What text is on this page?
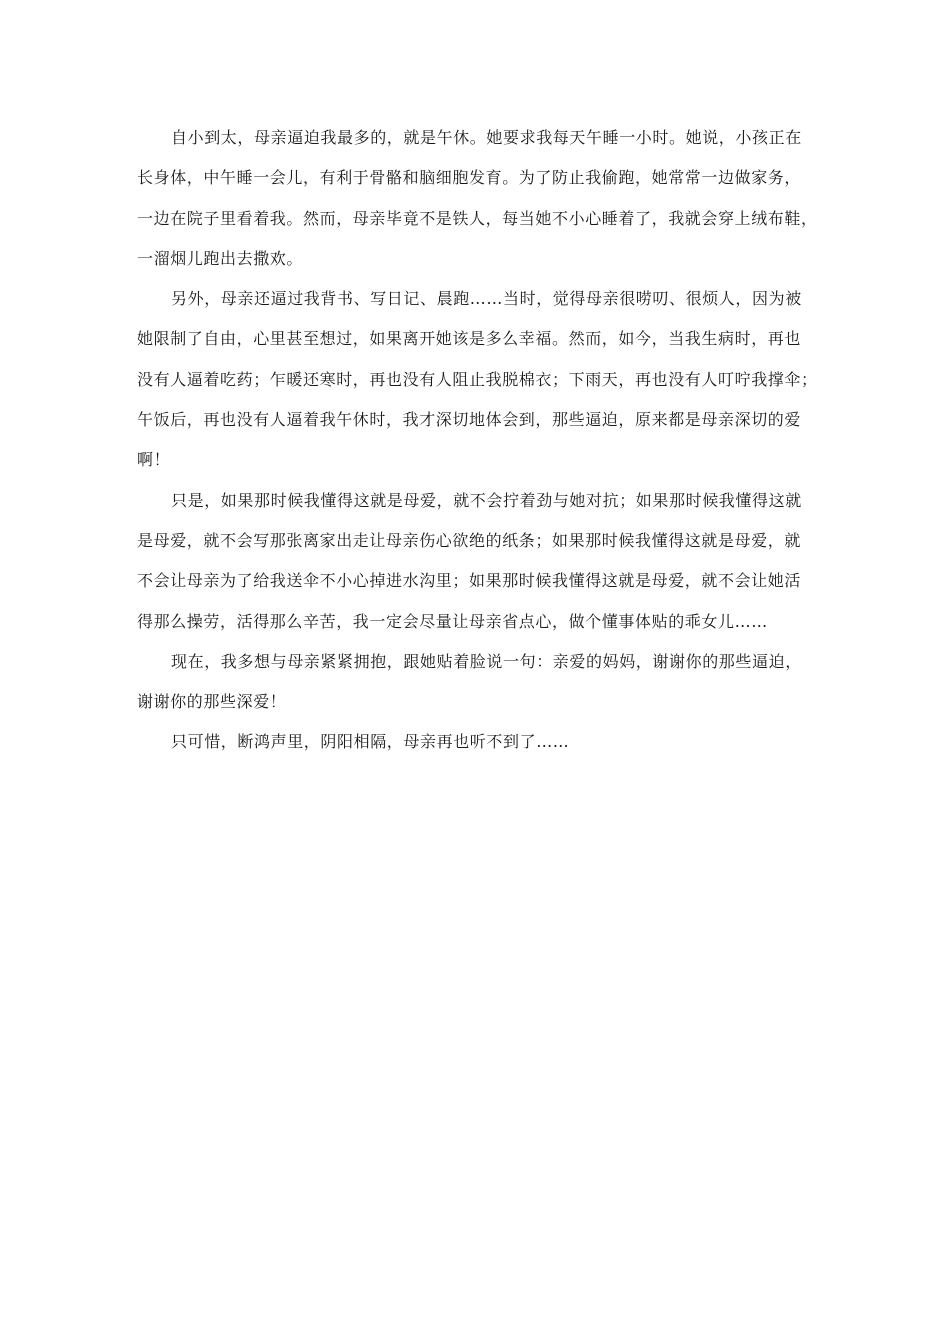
自小到太，母亲逼迫我最多的，就是午休。她要求我每天午睡一小时。她说，小孩正在
长身体，中午睡一会儿，有利于骨骼和脑细胞发育。为了防止我偷跑，她常常一边做家务，
一边在院子里看着我。然而，母亲毕竟不是铁人，每当她不小心睡着了，我就会穿上绒布鞋，
一溜烟儿跑出去撒欢。

另外，母亲还逼过我背书、写日记、晨跑……当时，觉得母亲很唠叨、很烦人，因为被
她限制了自由，心里甚至想过，如果离开她该是多么幸福。然而，如今，当我生病时，再也
没有人逼着吃药；乍暖还寒时，再也没有人阻止我脱棉衣；下雨天，再也没有人叮咛我撑伞；
午饭后，再也没有人逼着我午休时，我才深切地体会到，那些逼迫，原来都是母亲深切的爱
啊！

只是，如果那时候我懂得这就是母爱，就不会拧着劲与她对抗；如果那时候我懂得这就
是母爱，就不会写那张离家出走让母亲伤心欲绝的纸条；如果那时候我懂得这就是母爱，就
不会让母亲为了给我送伞不小心掉进水沟里；如果那时候我懂得这就是母爱，就不会让她活
得那么操劳，活得那么辛苦，我一定会尽量让母亲省点心，做个懂事体贴的乖女儿……

现在，我多想与母亲紧紧拥抱，跟她贴着脸说一句：亲爱的妈妈，谢谢你的那些逼迫，
谢谢你的那些深爱！

只可惜，断鸿声里，阴阳相隔，母亲再也听不到了……
